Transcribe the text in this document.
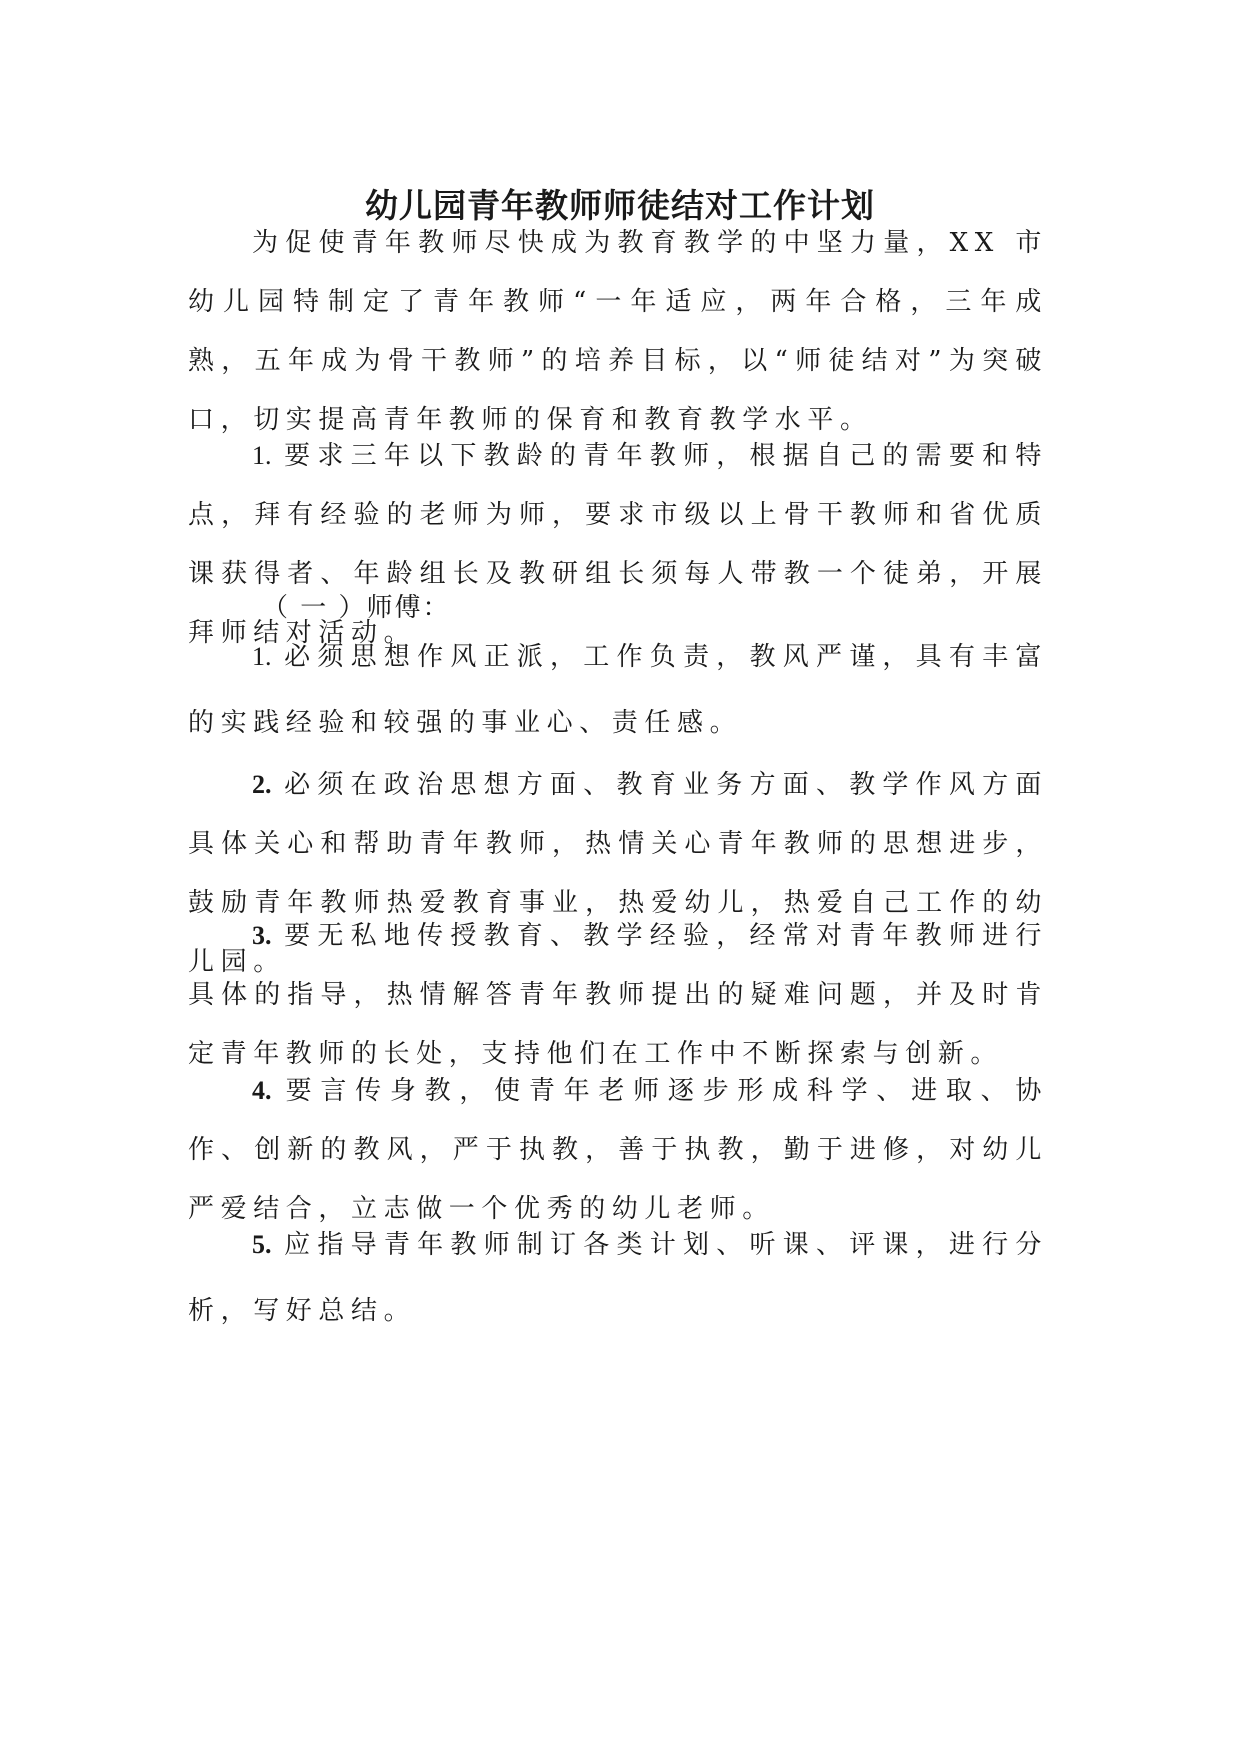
幼儿园青年教师师徒结对工作计划

为促使青年教师尽快成为教育教学的中坚力量，XX 市幼儿园特制定了青年教师“一年适应，两年合格，三年成熟，五年成为骨干教师”的培养目标，以“师徒结对”为突破口，切实提高青年教师的保育和教育教学水平。

1. 要求三年以下教龄的青年教师，根据自己的需要和特点，拜有经验的老师为师，要求市级以上骨干教师和省优质课获得者、年龄组长及教研组长须每人带教一个徒弟，开展拜师结对活动。

（ 一 ）师傅：

1. 必须思想作风正派，工作负责，教风严谨，具有丰富的实践经验和较强的事业心、责任感。

2. 必须在政治思想方面、教育业务方面、教学作风方面具体关心和帮助青年教师，热情关心青年教师的思想进步，鼓励青年教师热爱教育事业，热爱幼儿，热爱自己工作的幼儿园。

3. 要无私地传授教育、教学经验，经常对青年教师进行具体的指导，热情解答青年教师提出的疑难问题，并及时肯定青年教师的长处，支持他们在工作中不断探索与创新。

4. 要言传身教，使青年老师逐步形成科学、进取、协作、创新的教风，严于执教，善于执教，勤于进修，对幼儿严爱结合，立志做一个优秀的幼儿老师。

5. 应指导青年教师制订各类计划、听课、评课，进行分析，写好总结。
